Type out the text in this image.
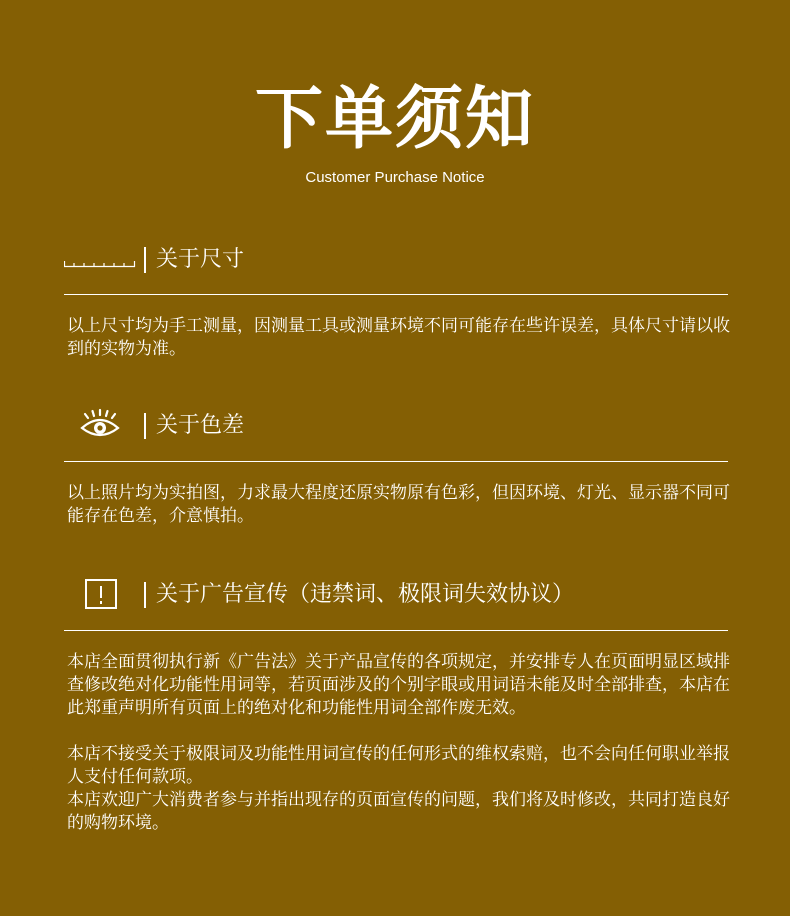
下单须知
Customer Purchase Notice
关于尺寸

以上尺寸均为手工测量，因测量工具或测量环境不同可能存在些许误差，具体尺寸请以收到的实物为准。

关于色差

以上照片均为实拍图，力求最大程度还原实物原有色彩，但因环境、灯光、显示器不同可能存在色差，介意慎拍。

关于广告宣传（违禁词、极限词失效协议）

本店全面贯彻执行新《广告法》关于产品宣传的各项规定，并安排专人在页面明显区域排查修改绝对化功能性用词等，若页面涉及的个别字眼或用词语未能及时全部排查，本店在此郑重声明所有页面上的绝对化和功能性用词全部作废无效。

本店不接受关于极限词及功能性用词宣传的任何形式的维权索赔，也不会向任何职业举报人支付任何款项。

本店欢迎广大消费者参与并指出现存的页面宣传的问题，我们将及时修改，共同打造良好的购物环境。
